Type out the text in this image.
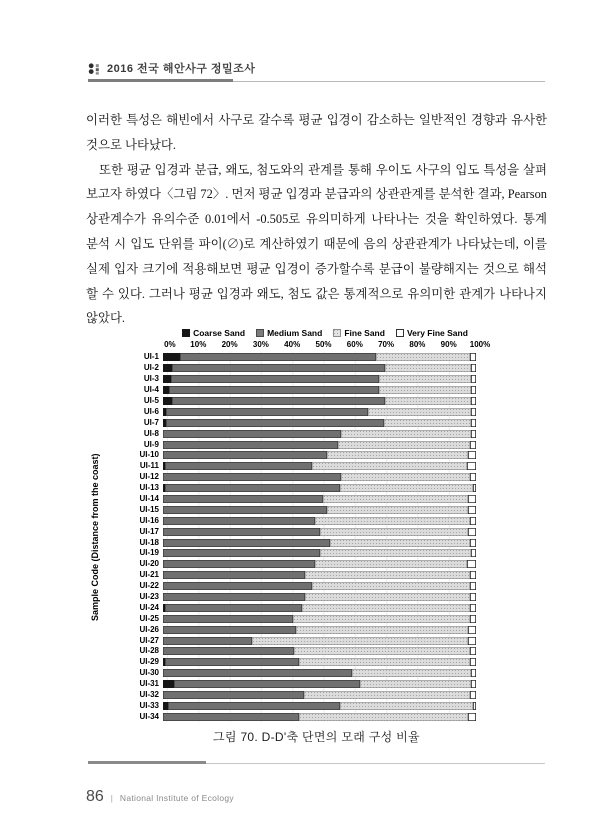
2016 전국 해안사구 정밀조사
이러한 특성은 해빈에서 사구로 갈수록 평균 입경이 감소하는 일반적인 경향과 유사한
것으로 나타났다.
또한 평균 입경과 분급, 왜도, 첨도와의 관계를 통해 우이도 사구의 입도 특성을 살펴
보고자 하였다〈그림 72〉. 먼저 평균 입경과 분급과의 상관관계를 분석한 결과, Pearson
상관계수가 유의수준 0.01에서 -0.505로 유의미하게 나타나는 것을 확인하였다. 통계
분석 시 입도 단위를 파이(∅)로 계산하였기 때문에 음의 상관관계가 나타났는데, 이를
실제 입자 크기에 적용해보면 평균 입경이 증가할수록 분급이 불량해지는 것으로 해석
할 수 있다. 그러나 평균 입경과 왜도, 첨도 값은 통계적으로 유의미한 관계가 나타나지
않았다.
Sample Code (Distance from the coast)
Coarse Sand	Medium Sand	Fine Sand	Very Fine Sand
0% 10% 20% 30% 40% 50% 60% 70% 80% 90% 100%
UI-1
UI-2
UI-3
UI-4
UI-5
UI-6
UI-7
UI-8
UI-9
UI-10
UI-11
UI-12
UI-13
UI-14
UI-15
UI-16
UI-17
UI-18
UI-19
UI-20
UI-21
UI-22
UI-23
UI-24
UI-25
UI-26
UI-27
UI-28
UI-29
UI-30
UI-31
UI-32
UI-33
UI-34
그림 70. D-D'축 단면의 모래 구성 비율
86 | National Institute of Ecology
